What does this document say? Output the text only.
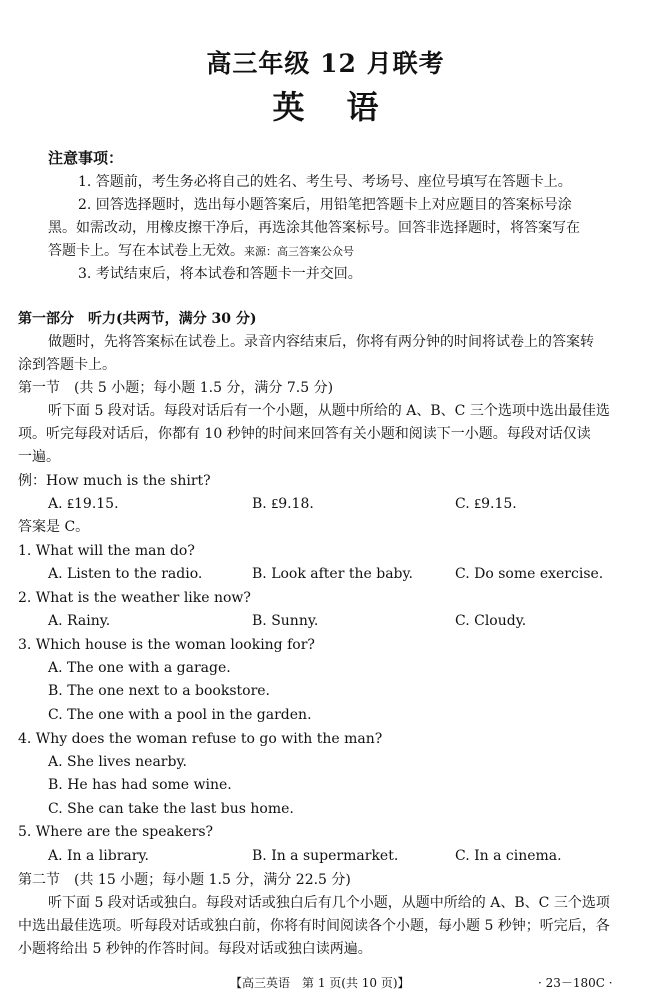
高三年级 12 月联考
英语
注意事项：
1. 答题前，考生务必将自己的姓名、考生号、考场号、座位号填写在答题卡上。
2. 回答选择题时，选出每小题答案后，用铅笔把答题卡上对应题目的答案标号涂
黑。如需改动，用橡皮擦干净后，再选涂其他答案标号。回答非选择题时，将答案写在
答题卡上。写在本试卷上无效。来源：高三答案公众号
3. 考试结束后，将本试卷和答题卡一并交回。
第一部分　听力(共两节，满分 30 分)
做题时，先将答案标在试卷上。录音内容结束后，你将有两分钟的时间将试卷上的答案转
涂到答题卡上。
第一节　(共 5 小题；每小题 1.5 分，满分 7.5 分)
听下面 5 段对话。每段对话后有一个小题，从题中所给的 A、B、C 三个选项中选出最佳选
项。听完每段对话后，你都有 10 秒钟的时间来回答有关小题和阅读下一小题。每段对话仅读
一遍。
例：How much is the shirt?
A. ₤19.15.	B. ₤9.18.	C. ₤9.15.
答案是 C。
1. What will the man do?
A. Listen to the radio.	B. Look after the baby.	C. Do some exercise.
2. What is the weather like now?
A. Rainy.	B. Sunny.	C. Cloudy.
3. Which house is the woman looking for?
A. The one with a garage.
B. The one next to a bookstore.
C. The one with a pool in the garden.
4. Why does the woman refuse to go with the man?
A. She lives nearby.
B. He has had some wine.
C. She can take the last bus home.
5. Where are the speakers?
A. In a library.	B. In a supermarket.	C. In a cinema.
第二节　(共 15 小题；每小题 1.5 分，满分 22.5 分)
听下面 5 段对话或独白。每段对话或独白后有几个小题，从题中所给的 A、B、C 三个选项
中选出最佳选项。听每段对话或独白前，你将有时间阅读各个小题，每小题 5 秒钟；听完后，各
小题将给出 5 秒钟的作答时间。每段对话或独白读两遍。
【高三英语　第 1 页(共 10 页)】	· 23－180C ·
